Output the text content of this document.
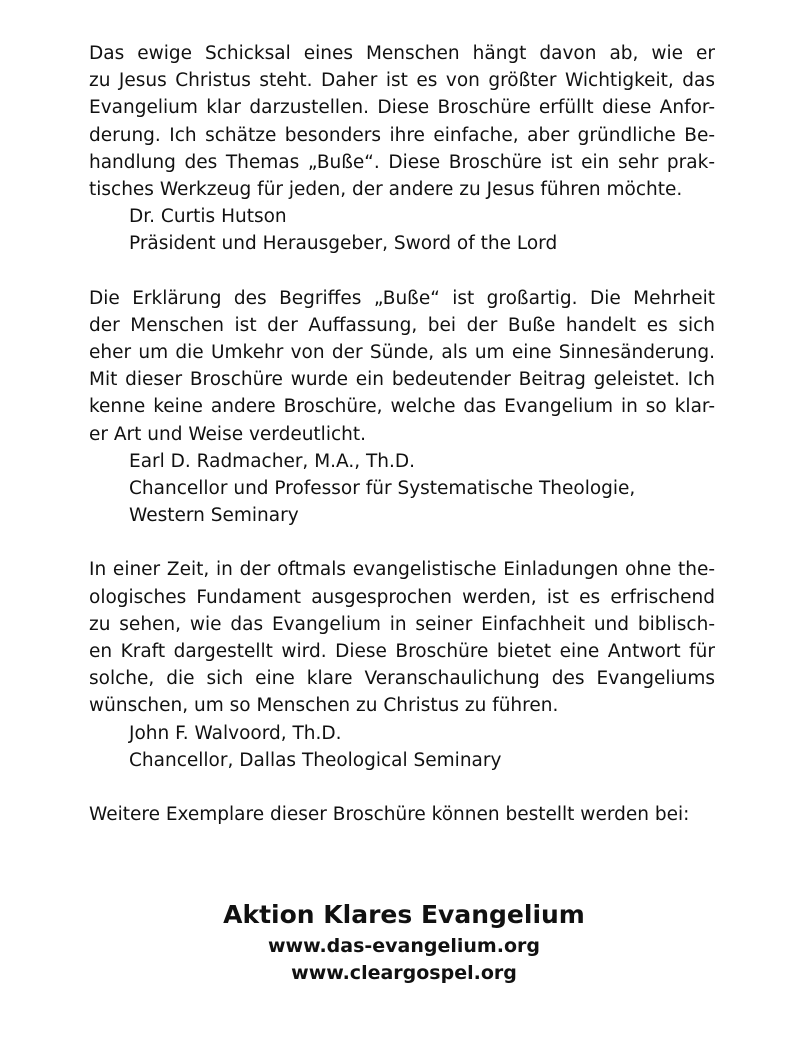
Das ewige Schicksal eines Menschen hängt davon ab, wie er
zu Jesus Christus steht. Daher ist es von größter Wichtigkeit, das
Evangelium klar darzustellen. Diese Broschüre erfüllt diese Anfor-
derung. Ich schätze besonders ihre einfache, aber gründliche Be-
handlung des Themas „Buße“. Diese Broschüre ist ein sehr prak-
tisches Werkzeug für jeden, der andere zu Jesus führen möchte.
Dr. Curtis Hutson
Präsident und Herausgeber, Sword of the Lord
Die Erklärung des Begriffes „Buße“ ist großartig. Die Mehrheit
der Menschen ist der Auffassung, bei der Buße handelt es sich
eher um die Umkehr von der Sünde, als um eine Sinnesänderung.
Mit dieser Broschüre wurde ein bedeutender Beitrag geleistet. Ich
kenne keine andere Broschüre, welche das Evangelium in so klar-
er Art und Weise verdeutlicht.
Earl D. Radmacher, M.A., Th.D.
Chancellor und Professor für Systematische Theologie,
Western Seminary
In einer Zeit, in der oftmals evangelistische Einladungen ohne the-
ologisches Fundament ausgesprochen werden, ist es erfrischend
zu sehen, wie das Evangelium in seiner Einfachheit und biblisch-
en Kraft dargestellt wird. Diese Broschüre bietet eine Antwort für
solche, die sich eine klare Veranschaulichung des Evangeliums
wünschen, um so Menschen zu Christus zu führen.
John F. Walvoord, Th.D.
Chancellor, Dallas Theological Seminary
Weitere Exemplare dieser Broschüre können bestellt werden bei:
Aktion Klares Evangelium
www.das-evangelium.org
www.cleargospel.org
